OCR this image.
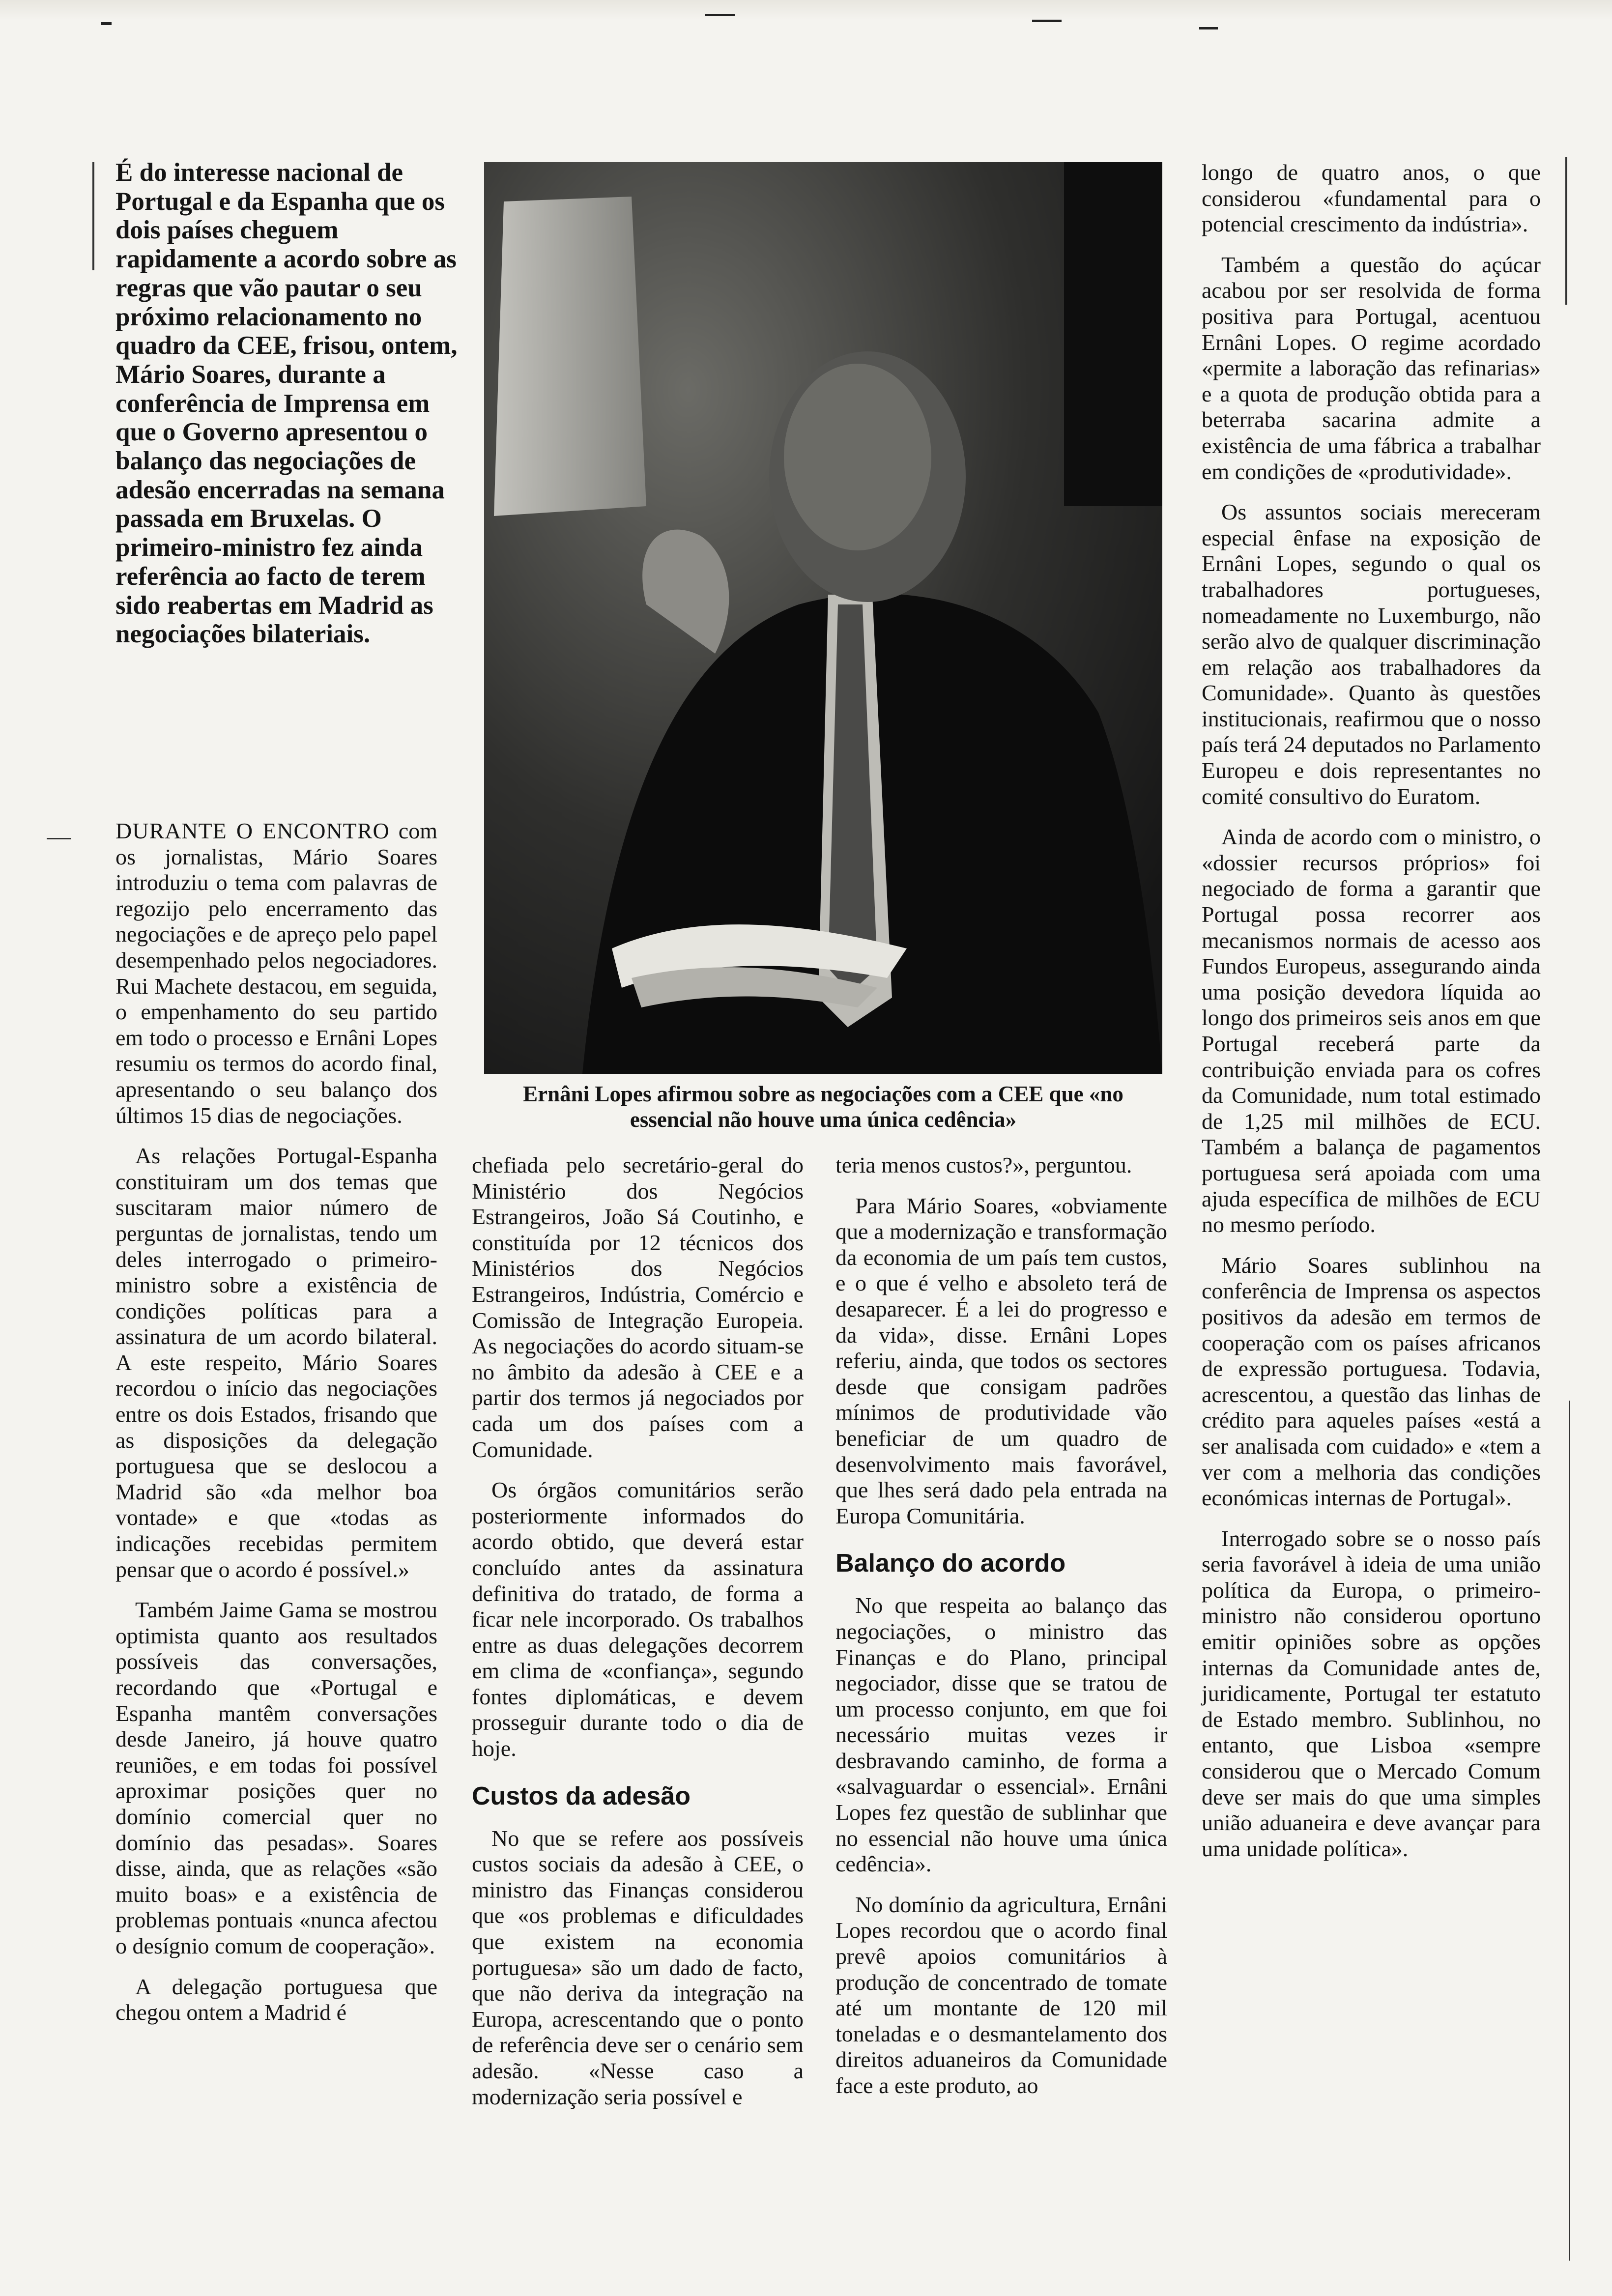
É do interesse nacional de Portugal e da Espanha que os dois países cheguem rapidamente a acordo sobre as regras que vão pautar o seu próximo relacionamento no quadro da CEE, frisou, ontem, Mário Soares, durante a conferência de Imprensa em que o Governo apresentou o balanço das negociações de adesão encerradas na semana passada em Bruxelas. O primeiro-ministro fez ainda referência ao facto de terem sido reabertas em Madrid as negociações bilateriais.
Ernâni Lopes afirmou sobre as negociações com a CEE que «no essencial não houve uma única cedência»

DURANTE O ENCONTRO com os jornalistas, Mário Soares introduziu o tema com palavras de regozijo pelo encerramento das negociações e de apreço pelo papel desempenhado pelos negociadores. Rui Machete destacou, em seguida, o empenhamento do seu partido em todo o processo e Ernâni Lopes resumiu os termos do acordo final, apresentando o seu balanço dos últimos 15 dias de negociações.

As relações Portugal-Espanha constituiram um dos temas que suscitaram maior número de perguntas de jornalistas, tendo um deles interrogado o primeiro-ministro sobre a existência de condições políticas para a assinatura de um acordo bilateral. A este respeito, Mário Soares recordou o início das negociações entre os dois Estados, frisando que as disposições da delegação portuguesa que se deslocou a Madrid são «da melhor boa vontade» e que «todas as indicações recebidas permitem pensar que o acordo é possível.»

Também Jaime Gama se mostrou optimista quanto aos resultados possíveis das conversações, recordando que «Portugal e Espanha mantêm conversações desde Janeiro, já houve quatro reuniões, e em todas foi possível aproximar posições quer no domínio comercial quer no domínio das pesadas». Soares disse, ainda, que as relações «são muito boas» e a existência de problemas pontuais «nunca afectou o desígnio comum de cooperação».

A delegação portuguesa que chegou ontem a Madrid é

chefiada pelo secretário-geral do Ministério dos Negócios Estrangeiros, João Sá Coutinho, e constituída por 12 técnicos dos Ministérios dos Negócios Estrangeiros, Indústria, Comércio e Comissão de Integração Europeia. As negociações do acordo situam-se no âmbito da adesão à CEE e a partir dos termos já negociados por cada um dos países com a Comunidade.

Os órgãos comunitários serão posteriormente informados do acordo obtido, que deverá estar concluído antes da assinatura definitiva do tratado, de forma a ficar nele incorporado. Os trabalhos entre as duas delegações decorrem em clima de «confiança», segundo fontes diplomáticas, e devem prosseguir durante todo o dia de hoje.

Custos da adesão

No que se refere aos possíveis custos sociais da adesão à CEE, o ministro das Finanças considerou que «os problemas e dificuldades que existem na economia portuguesa» são um dado de facto, que não deriva da integração na Europa, acrescentando que o ponto de referência deve ser o cenário sem adesão. «Nesse caso a modernização seria possível e

teria menos custos?», perguntou.

Para Mário Soares, «obviamente que a modernização e transformação da economia de um país tem custos, e o que é velho e absoleto terá de desaparecer. É a lei do progresso e da vida», disse. Ernâni Lopes referiu, ainda, que todos os sectores desde que consigam padrões mínimos de produtividade vão beneficiar de um quadro de desenvolvimento mais favorável, que lhes será dado pela entrada na Europa Comunitária.

Balanço do acordo

No que respeita ao balanço das negociações, o ministro das Finanças e do Plano, principal negociador, disse que se tratou de um processo conjunto, em que foi necessário muitas vezes ir desbravando caminho, de forma a «salvaguardar o essencial». Ernâni Lopes fez questão de sublinhar que no essencial não houve uma única cedência».

No domínio da agricultura, Ernâni Lopes recordou que o acordo final prevê apoios comunitários à produção de concentrado de tomate até um montante de 120 mil toneladas e o desmantelamento dos direitos aduaneiros da Comunidade face a este produto, ao

longo de quatro anos, o que considerou «fundamental para o potencial crescimento da indústria».

Também a questão do açúcar acabou por ser resolvida de forma positiva para Portugal, acentuou Ernâni Lopes. O regime acordado «permite a laboração das refinarias» e a quota de produção obtida para a beterraba sacarina admite a existência de uma fábrica a trabalhar em condições de «produtividade».

Os assuntos sociais mereceram especial ênfase na exposição de Ernâni Lopes, segundo o qual os trabalhadores portugueses, nomeadamente no Luxemburgo, não serão alvo de qualquer discriminação em relação aos trabalhadores da Comunidade». Quanto às questões institucionais, reafirmou que o nosso país terá 24 deputados no Parlamento Europeu e dois representantes no comité consultivo do Euratom.

Ainda de acordo com o ministro, o «dossier recursos próprios» foi negociado de forma a garantir que Portugal possa recorrer aos mecanismos normais de acesso aos Fundos Europeus, assegurando ainda uma posição devedora líquida ao longo dos primeiros seis anos em que Portugal receberá parte da contribuição enviada para os cofres da Comunidade, num total estimado de 1,25 mil milhões de ECU. Também a balança de pagamentos portuguesa será apoiada com uma ajuda específica de milhões de ECU no mesmo período.

Mário Soares sublinhou na conferência de Imprensa os aspectos positivos da adesão em termos de cooperação com os países africanos de expressão portuguesa. Todavia, acrescentou, a questão das linhas de crédito para aqueles países «está a ser analisada com cuidado» e «tem a ver com a melhoria das condições económicas internas de Portugal».

Interrogado sobre se o nosso país seria favorável à ideia de uma união política da Europa, o primeiro-ministro não considerou oportuno emitir opiniões sobre as opções internas da Comunidade antes de, juridicamente, Portugal ter estatuto de Estado membro. Sublinhou, no entanto, que Lisboa «sempre considerou que o Mercado Comum deve ser mais do que uma simples união aduaneira e deve avançar para uma unidade política».
